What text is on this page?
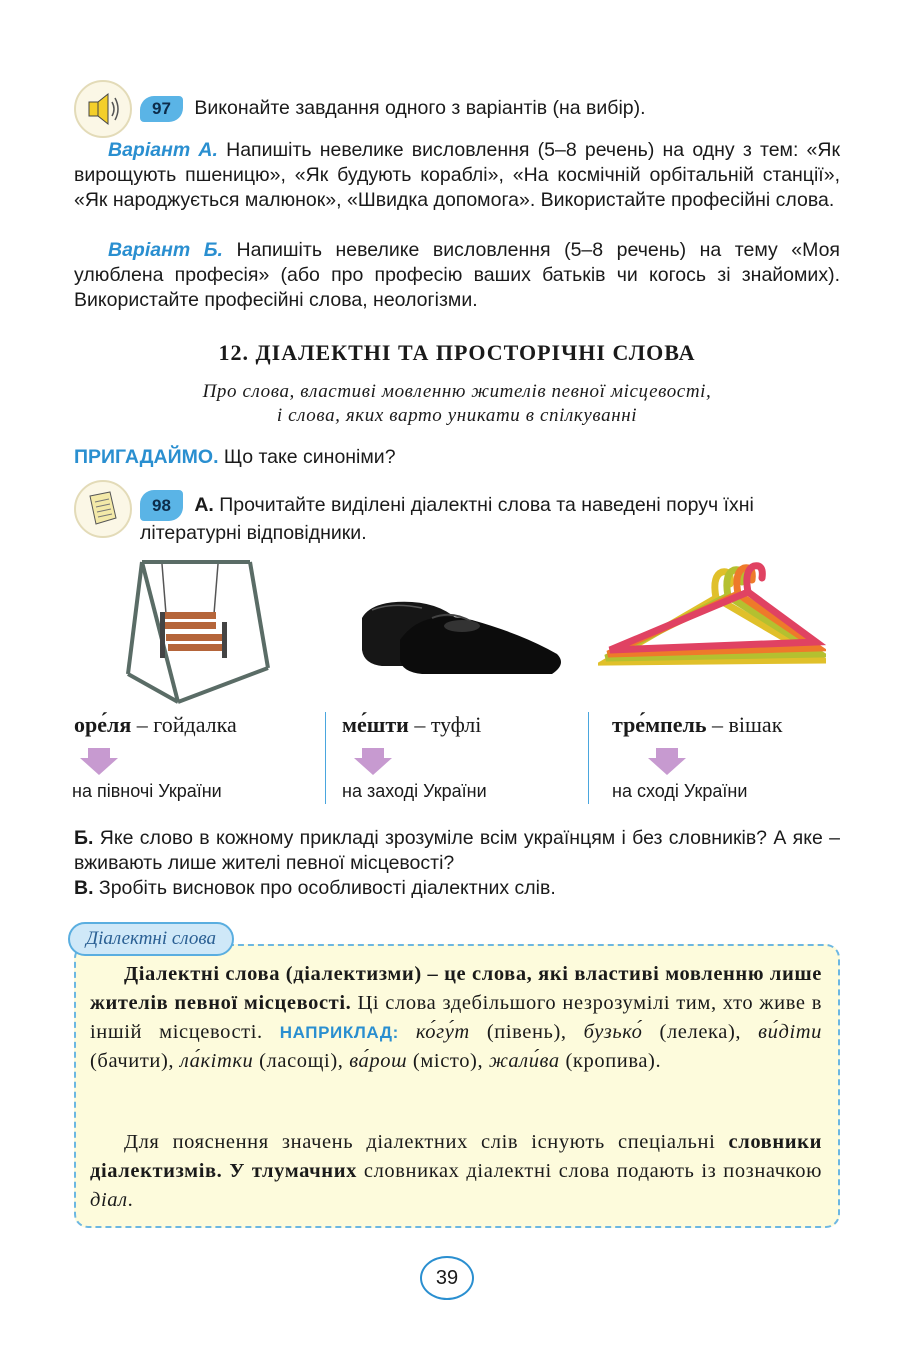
97 Виконайте завдання одного з варіантів (на вибір).
Варіант А. Напишіть невелике висловлення (5–8 речень) на одну з тем: «Як вирощують пшеницю», «Як будують кораблі», «На космічній орбітальній станції», «Як народжується малюнок», «Швидка допомога». Використайте професійні слова.
Варіант Б. Напишіть невелике висловлення (5–8 речень) на тему «Моя улюблена професія» (або про професію ваших батьків чи когось зі знайомих). Використайте професійні слова, неологізми.
12. ДІАЛЕКТНІ ТА ПРОСТОРІЧНІ СЛОВА
Про слова, властиві мовленню жителів певної місцевості,
і слова, яких варто уникати в спілкуванні
ПРИГАДАЙМО. Що таке синоніми?
98 А. Прочитайте виділені діалектні слова та наведені поруч їхні літературні відповідники.
оре́ля – гойдалка	ме́шти – туфлі	тре́мпель – вішак
на півночі України	на заході України	на сході України
Б. Яке слово в кожному прикладі зрозуміле всім українцям і без словників? А яке – вживають лише жителі певної місцевості?
В. Зробіть висновок про особливості діалектних слів.
Діалектні слова
Діалектні слова (діалектизми) – це слова, які властиві мовленню лише жителів певної місцевості. Ці слова здебільшого незрозумілі тим, хто живе в іншій місцевості. НАПРИКЛАД: ко́гу́т (півень), бузько́ (лелека), ви́діти (бачити), ла́кітки (ласощі), ва́рош (місто), жали́ва (кропива).
Для пояснення значень діалектних слів існують спеціальні словники діалектизмів. У тлумачних словниках діалектні слова подають із позначкою діал.
39
